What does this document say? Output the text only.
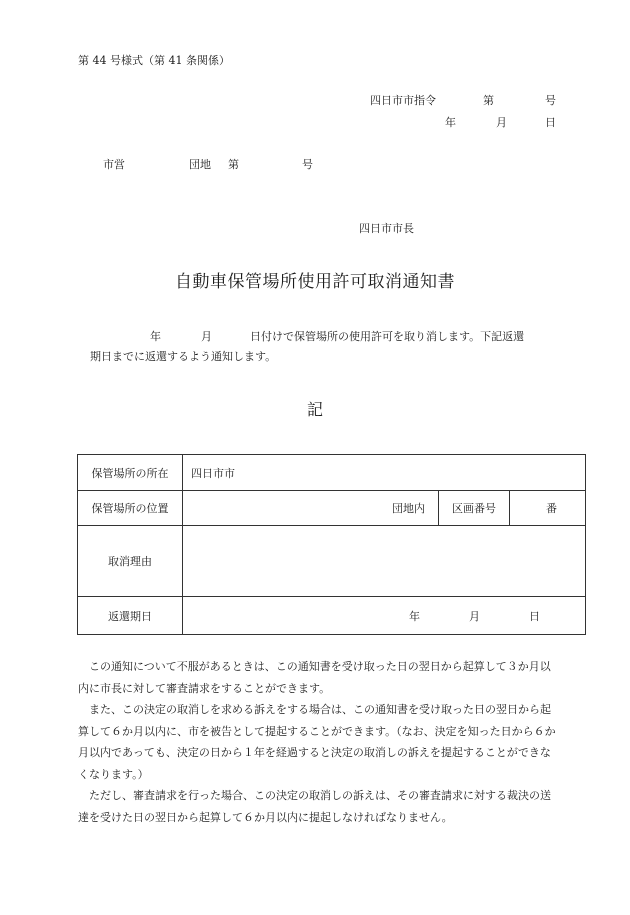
第 44 号様式（第 41 条関係）
四日市市指令	第	号
年	月	日
市営	団地 第	号
四日市市長
自動車保管場所使用許可取消通知書
年	月	日付けで保管場所の使用許可を取り消します。下記返還
期日までに返還するよう通知します。
記
保管場所の所在	四日市市
保管場所の位置	団地内	区画番号	番
取消理由
返還期日	年	月	日

この通知について不服があるときは、この通知書を受け取った日の翌日から起算して３か月以内に市長に対して審査請求をすることができます。

また、この決定の取消しを求める訴えをする場合は、この通知書を受け取った日の翌日から起算して６か月以内に、市を被告として提起することができます。（なお、決定を知った日から６か月以内であっても、決定の日から１年を経過すると決定の取消しの訴えを提起することができなくなります。）

ただし、審査請求を行った場合、この決定の取消しの訴えは、その審査請求に対する裁決の送達を受けた日の翌日から起算して６か月以内に提起しなければなりません。
